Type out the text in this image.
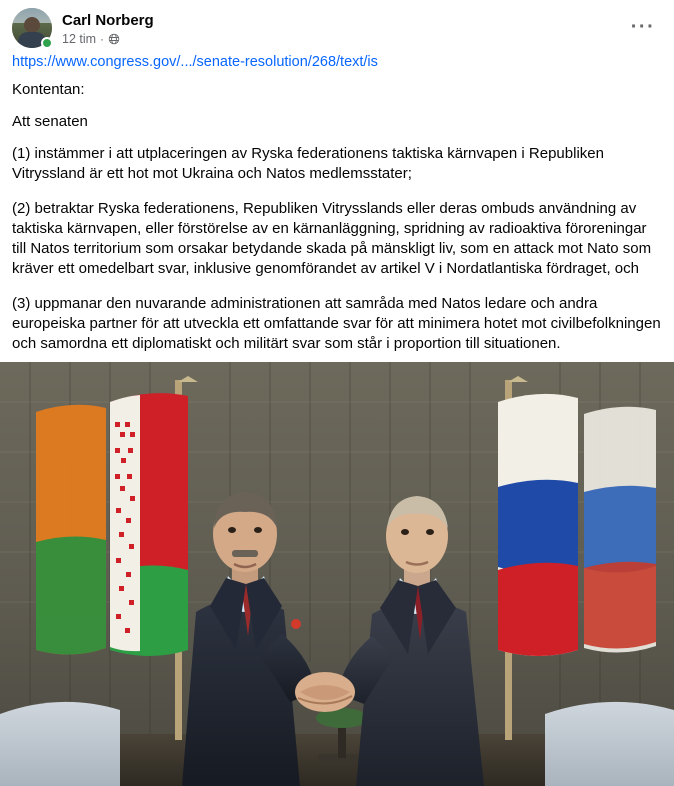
Carl Norberg
12 tim ·
···
https://www.congress.gov/.../senate-resolution/268/text/is

Kontentan:

Att senaten

(1) instämmer i att utplaceringen av Ryska federationens taktiska kärnvapen i Republiken Vitryssland är ett hot mot Ukraina och Natos medlemsstater;

(2) betraktar Ryska federationens, Republiken Vitrysslands eller deras ombuds användning av taktiska kärnvapen, eller förstörelse av en kärnanläggning, spridning av radioaktiva föroreningar till Natos territorium som orsakar betydande skada på mänskligt liv, som en attack mot Nato som kräver ett omedelbart svar, inklusive genomförandet av artikel V i Nordatlantiska fördraget, och

(3) uppmanar den nuvarande administrationen att samråda med Natos ledare och andra europeiska partner för att utveckla ett omfattande svar för att minimera hotet mot civilbefolkningen och samordna ett diplomatiskt och militärt svar som står i proportion till situationen.
